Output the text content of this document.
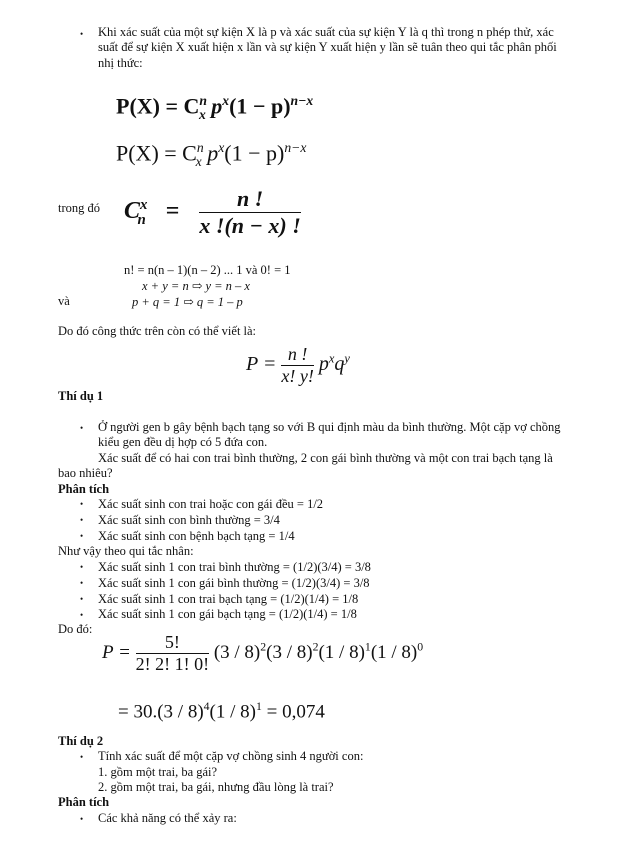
• Khi xác suất của một sự kiện X là p và xác suất của sự kiện Y là q thì trong n phép thử, xác
suất để sự kiện X xuất hiện x lần và sự kiện Y xuất hiện y lần sẽ tuân theo qui tắc phân phối
nhị thức:
$P(X) = C^n_x$ $p^x(1 - p)^{n-x}$
$P(X) = C^n_x$ $p^x(1 - p)^{n-x}$
trong đó $C^x_n = \frac{n !}{x !(n - x) !}$
n! = n(n – 1)(n – 2) ... 1 và 0! = 1
x + y = n ⇨ y = n – x
và	p + q = 1 ⇨ q = 1 – p
Do đó công thức trên còn có thể viết là:
$P = \frac{n !}{x! y!} p^xq^y$
Thí dụ 1
• Ở người gen b gây bệnh bạch tạng so với B qui định màu da bình thường. Một cặp vợ chồng
kiểu gen đều dị hợp có 5 đứa con.
Xác suất để có hai con trai bình thường, 2 con gái bình thường và một con trai bạch tạng là
bao nhiêu?
Phân tích
• Xác suất sinh con trai hoặc con gái đều = 1/2
• Xác suất sinh con bình thường = 3/4
• Xác suất sinh con bệnh bạch tạng = 1/4
Như vậy theo qui tắc nhân:
• Xác suất sinh 1 con trai bình thường = (1/2)(3/4) = 3/8
• Xác suất sinh 1 con gái bình thường = (1/2)(3/4) = 3/8
• Xác suất sinh 1 con trai bạch tạng = (1/2)(1/4) = 1/8
• Xác suất sinh 1 con gái bạch tạng = (1/2)(1/4) = 1/8
Do đó:
$P = \frac{5!}{2! 2! 1! 0!} (3 / 8)^2(3 / 8)^2(1 / 8)^1(1 / 8)^0$
= 30.(3 / 8)$^4$(1 / 8)$^1$ = 0,074
Thí dụ 2
• Tính xác suất để một cặp vợ chồng sinh 4 người con:
1. gồm một trai, ba gái?
2. gồm một trai, ba gái, nhưng đầu lòng là trai?
Phân tích
• Các khả năng có thể xảy ra:
